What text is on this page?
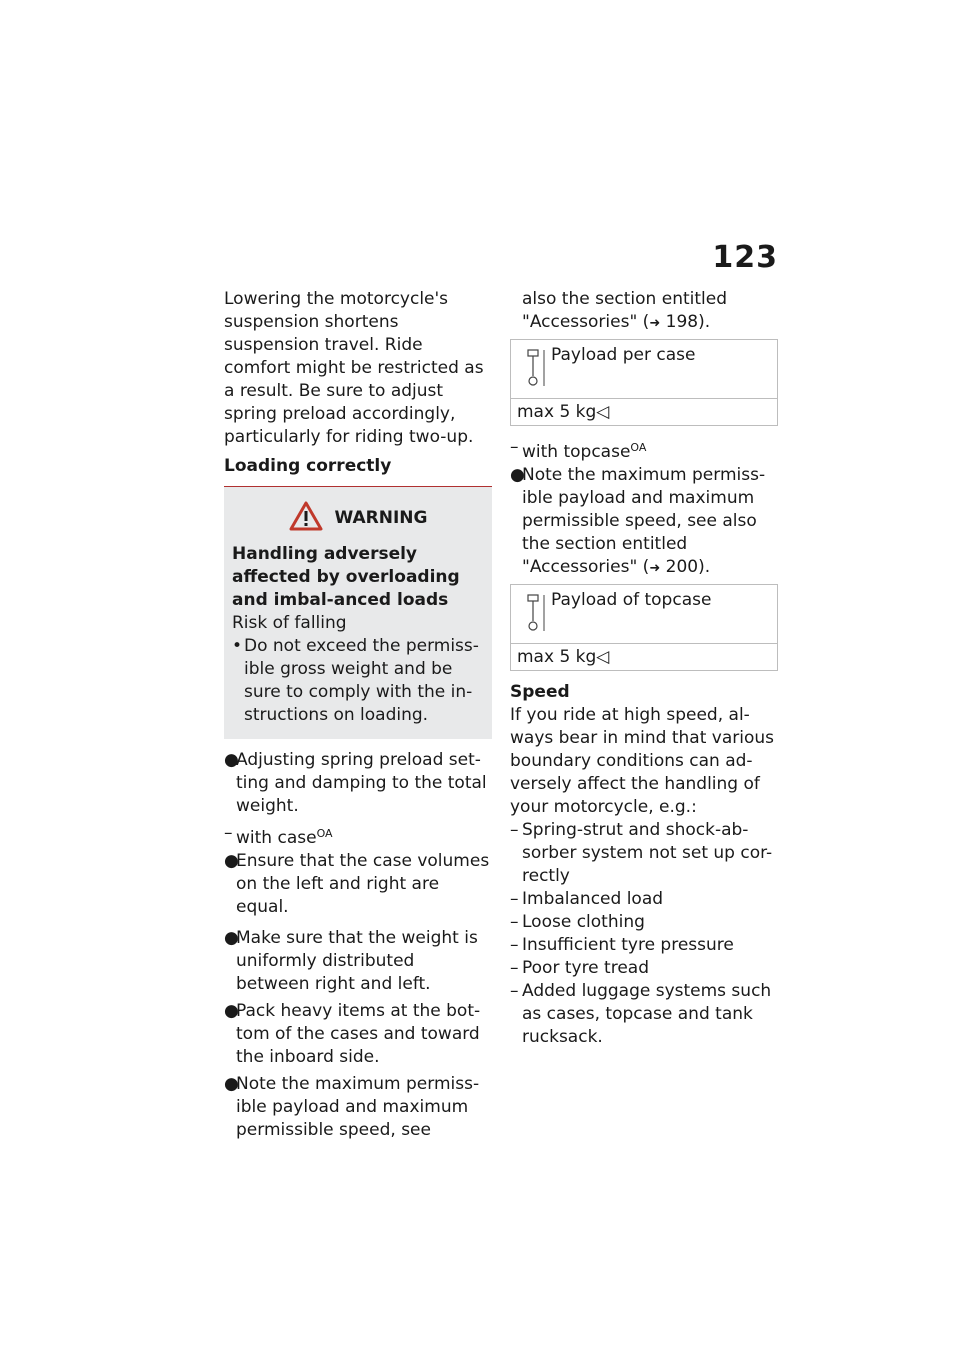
123

Lowering the motorcycle's suspension shortens suspension travel. Ride comfort might be restricted as a result. Be sure to adjust spring preload accordingly, particularly for riding two-up.

Loading correctly

WARNING
Handling adversely affected by overloading and imbal-anced loads
Risk of falling
• Do not exceed the permiss-ible gross weight and be sure to comply with the in-structions on loading.
●
Adjusting spring preload set-ting and damping to the total weight.
– with case$^{OA}$
●
Ensure that the case volumes on the left and right are equal.
●
Make sure that the weight is uniformly distributed between right and left.
●
Pack heavy items at the bot-tom of the cases and toward the inboard side.
●
Note the maximum permiss-ible payload and maximum permissible speed, see
also the section entitled "Accessories" (➜ 198).
Payload per case
max 5 kg◁
– with topcase$^{OA}$
●
Note the maximum permiss-ible payload and maximum permissible speed, see also the section entitled "Accessories" (➜ 200).
Payload of topcase
max 5 kg◁

Speed

If you ride at high speed, al-ways bear in mind that various boundary conditions can ad-versely affect the handling of your motorcycle, e.g.:

– Spring-strut and shock-ab-sorber system not set up cor-rectly
– Imbalanced load
– Loose clothing
– Insufficient tyre pressure
– Poor tyre tread
– Added luggage systems such as cases, topcase and tank rucksack.
